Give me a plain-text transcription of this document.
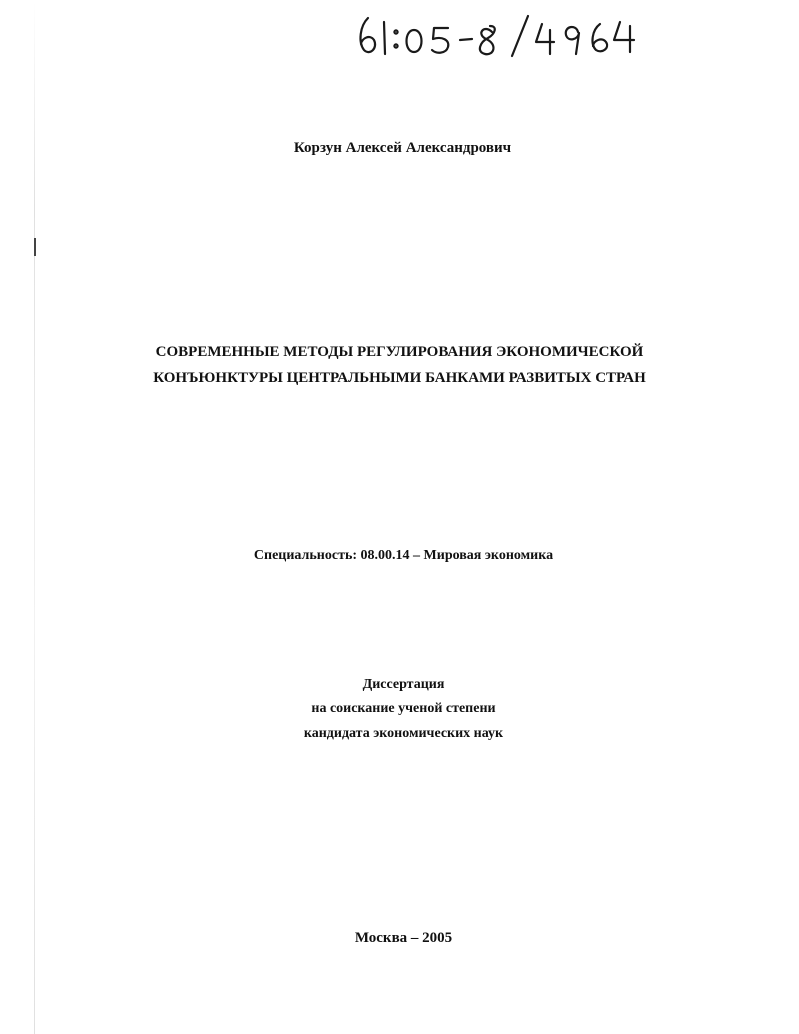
Корзун Алексей Александрович
СОВРЕМЕННЫЕ МЕТОДЫ РЕГУЛИРОВАНИЯ ЭКОНОМИЧЕСКОЙ
КОНЪЮНКТУРЫ ЦЕНТРАЛЬНЫМИ БАНКАМИ РАЗВИТЫХ СТРАН
Специальность: 08.00.14 – Мировая экономика
Диссертация
на соискание ученой степени
кандидата экономических наук
Москва – 2005
